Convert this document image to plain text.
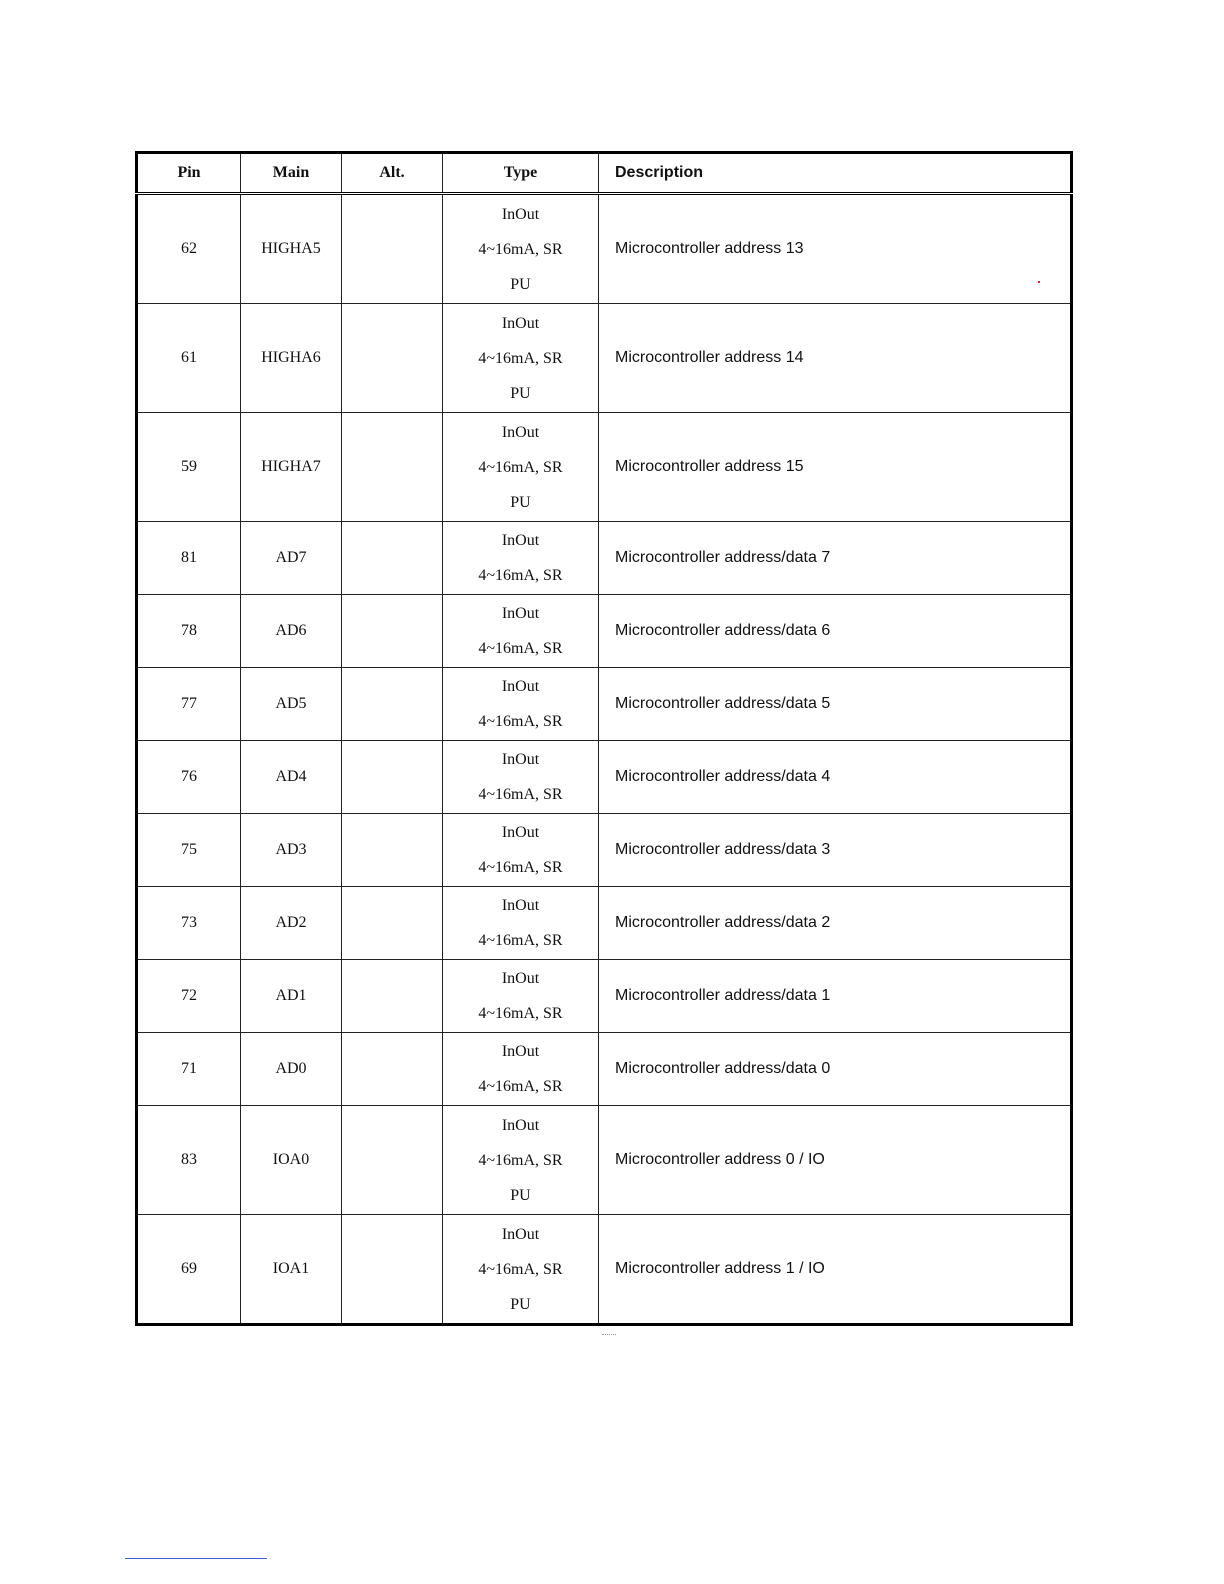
Pin	Main	Alt.	Type	Description
62	HIGHA5		InOut
4~16mA, SR
PU	Microcontroller address 13
61	HIGHA6		InOut
4~16mA, SR
PU	Microcontroller address 14
59	HIGHA7		InOut
4~16mA, SR
PU	Microcontroller address 15
81	AD7		InOut
4~16mA, SR	Microcontroller address/data 7
78	AD6		InOut
4~16mA, SR	Microcontroller address/data 6
77	AD5		InOut
4~16mA, SR	Microcontroller address/data 5
76	AD4		InOut
4~16mA, SR	Microcontroller address/data 4
75	AD3		InOut
4~16mA, SR	Microcontroller address/data 3
73	AD2		InOut
4~16mA, SR	Microcontroller address/data 2
72	AD1		InOut
4~16mA, SR	Microcontroller address/data 1
71	AD0		InOut
4~16mA, SR	Microcontroller address/data 0
83	IOA0		InOut
4~16mA, SR
PU	Microcontroller address 0 / IO
69	IOA1		InOut
4~16mA, SR
PU	Microcontroller address 1 / IO
